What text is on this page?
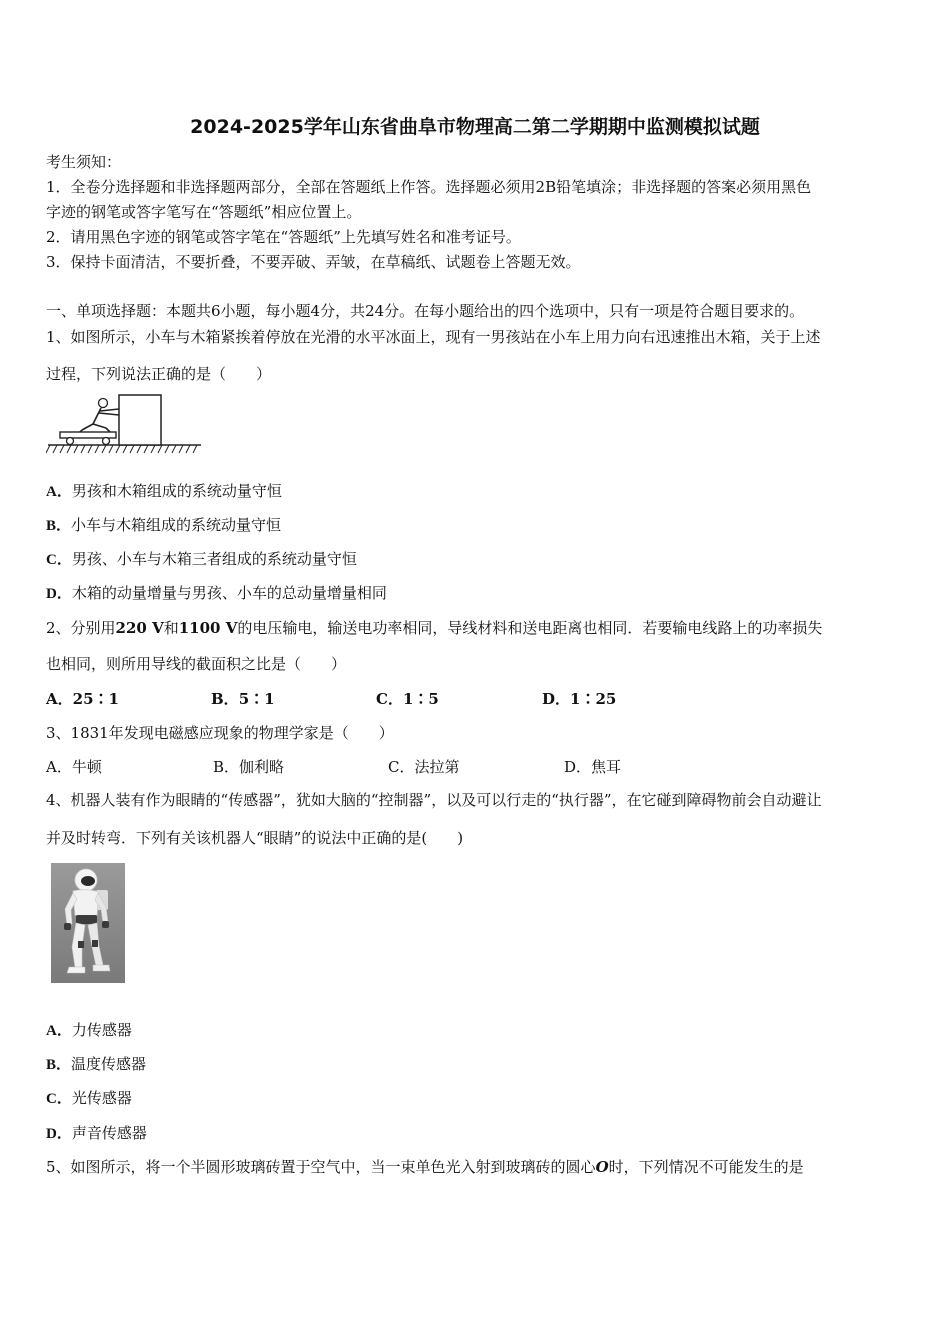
2024-2025学年山东省曲阜市物理高二第二学期期中监测模拟试题
考生须知：
1．全卷分选择题和非选择题两部分，全部在答题纸上作答。选择题必须用2B铅笔填涂；非选择题的答案必须用黑色
字迹的钢笔或答字笔写在“答题纸”相应位置上。
2．请用黑色字迹的钢笔或答字笔在“答题纸”上先填写姓名和准考证号。
3．保持卡面清洁，不要折叠，不要弄破、弄皱，在草稿纸、试题卷上答题无效。
一、单项选择题：本题共6小题，每小题4分，共24分。在每小题给出的四个选项中，只有一项是符合题目要求的。
1、如图所示，小车与木箱紧挨着停放在光滑的水平冰面上，现有一男孩站在小车上用力向右迅速推出木箱，关于上述
过程，下列说法正确的是（　　）
A．男孩和木箱组成的系统动量守恒
B．小车与木箱组成的系统动量守恒
C．男孩、小车与木箱三者组成的系统动量守恒
D．木箱的动量增量与男孩、小车的总动量增量相同
2、分别用220 V和1100 V的电压输电，输送电功率相同，导线材料和送电距离也相同．若要输电线路上的功率损失
也相同，则所用导线的截面积之比是（　　）
A．25∶1	B．5∶1	C．1∶5	D．1∶25
3、1831年发现电磁感应现象的物理学家是（　　）
A．牛顿	B．伽利略	C．法拉第	D．焦耳
4、机器人装有作为眼睛的“传感器”，犹如大脑的“控制器”，以及可以行走的“执行器”，在它碰到障碍物前会自动避让
并及时转弯．下列有关该机器人“眼睛”的说法中正确的是(　　)
A．力传感器
B．温度传感器
C．光传感器
D．声音传感器
5、如图所示，将一个半圆形玻璃砖置于空气中，当一束单色光入射到玻璃砖的圆心O时，下列情况不可能发生的是
